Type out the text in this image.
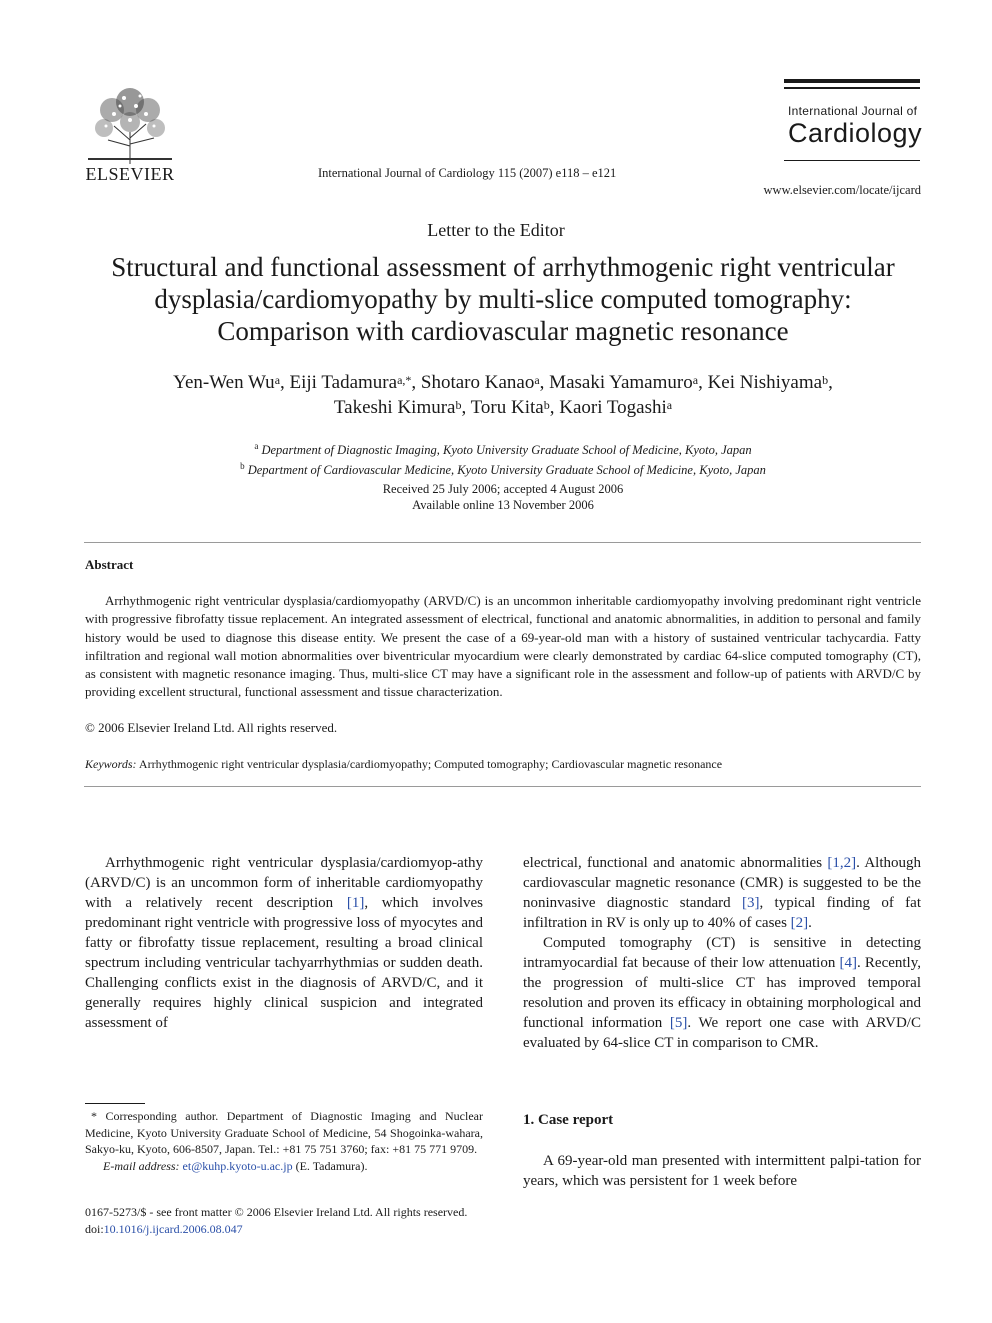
ELSEVIER	International Journal of Cardiology 115 (2007) e118 – e121
International Journal of
Cardiology
www.elsevier.com/locate/ijcard
Letter to the Editor
Structural and functional assessment of arrhythmogenic right ventricular
dysplasia/cardiomyopathy by multi-slice computed tomography:
Comparison with cardiovascular magnetic resonance
Yen-Wen Wu$^a$, Eiji Tadamura$^{a,*}$, Shotaro Kanao$^a$, Masaki Yamamuro$^a$, Kei Nishiyama$^b$,
Takeshi Kimura$^b$, Toru Kita$^b$, Kaori Togashi$^a$
$^a$ Department of Diagnostic Imaging, Kyoto University Graduate School of Medicine, Kyoto, Japan
$^b$ Department of Cardiovascular Medicine, Kyoto University Graduate School of Medicine, Kyoto, Japan
Received 25 July 2006; accepted 4 August 2006
Available online 13 November 2006
Abstract
Arrhythmogenic right ventricular dysplasia/cardiomyopathy (ARVD/C) is an uncommon inheritable cardiomyopathy involving predominant right ventricle with progressive fibrofatty tissue replacement. An integrated assessment of electrical, functional and anatomic abnormalities, in addition to personal and family history would be used to diagnose this disease entity. We present the case of a 69-year-old man with a history of sustained ventricular tachycardia. Fatty infiltration and regional wall motion abnormalities over biventricular myocardium were clearly demonstrated by cardiac 64-slice computed tomography (CT), as consistent with magnetic resonance imaging. Thus, multi-slice CT may have a significant role in the assessment and follow-up of patients with ARVD/C by providing excellent structural, functional assessment and tissue characterization.
© 2006 Elsevier Ireland Ltd. All rights reserved.
Keywords: Arrhythmogenic right ventricular dysplasia/cardiomyopathy; Computed tomography; Cardiovascular magnetic resonance

Arrhythmogenic right ventricular dysplasia/cardiomyop-athy (ARVD/C) is an uncommon form of inheritable cardiomyopathy with a relatively recent description [1], which involves predominant right ventricle with progressive loss of myocytes and fatty or fibrofatty tissue replacement, resulting a broad clinical spectrum including ventricular tachyarrhythmias or sudden death. Challenging conflicts exist in the diagnosis of ARVD/C, and it generally requires highly clinical suspicion and integrated assessment of

electrical, functional and anatomic abnormalities [1,2]. Although cardiovascular magnetic resonance (CMR) is suggested to be the noninvasive diagnostic standard [3], typical finding of fat infiltration in RV is only up to 40% of cases [2].

Computed tomography (CT) is sensitive in detecting intramyocardial fat because of their low attenuation [4]. Recently, the progression of multi-slice CT has improved temporal resolution and proven its efficacy in obtaining morphological and functional information [5]. We report one case with ARVD/C evaluated by 64-slice CT in comparison to CMR.

1. Case report

A 69-year-old man presented with intermittent palpi-tation for years, which was persistent for 1 week before

* Corresponding author. Department of Diagnostic Imaging and Nuclear Medicine, Kyoto University Graduate School of Medicine, 54 Shogoinka-wahara, Sakyo-ku, Kyoto, 606-8507, Japan. Tel.: +81 75 751 3760; fax: +81 75 771 9709.
E-mail address: et@kuhp.kyoto-u.ac.jp (E. Tadamura).
0167-5273/$ - see front matter © 2006 Elsevier Ireland Ltd. All rights reserved.
doi:10.1016/j.ijcard.2006.08.047
